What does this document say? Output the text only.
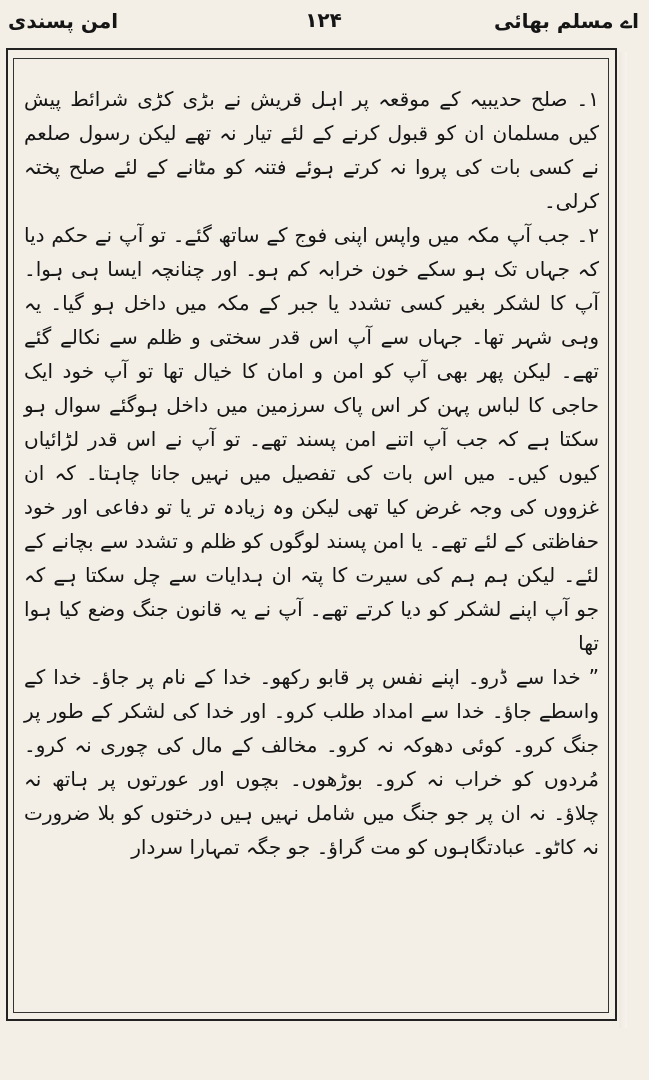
اے مسلم بھائی
۱۲۴
امن پسندی

۱۔ صلح حدیبیہ کے موقعہ پر اہل قریش نے بڑی کڑی شرائط پیش کیں مسلمان ان کو قبول کرنے کے لئے تیار نہ تھے لیکن رسول صلعم نے کسی بات کی پروا نہ کرتے ہوئے فتنہ کو مٹانے کے لئے صلح پختہ کرلی۔

۲۔ جب آپ مکہ میں واپس اپنی فوج کے ساتھ گئے۔ تو آپ نے حکم دیا کہ جہاں تک ہو سکے خون خرابہ کم ہو۔ اور چنانچہ ایسا ہی ہوا۔ آپ کا لشکر بغیر کسی تشدد یا جبر کے مکہ میں داخل ہو گیا۔ یہ وہی شہر تھا۔ جہاں سے آپ اس قدر سختی و ظلم سے نکالے گئے تھے۔ لیکن پھر بھی آپ کو امن و امان کا خیال تھا تو آپ خود ایک حاجی کا لباس پہن کر اس پاک سرزمین میں داخل ہوگئے سوال ہو سکتا ہے کہ جب آپ اتنے امن پسند تھے۔ تو آپ نے اس قدر لڑائیاں کیوں کیں۔ میں اس بات کی تفصیل میں نہیں جانا چاہتا۔ کہ ان غزووں کی وجہ غرض کیا تھی لیکن وہ زیادہ تر یا تو دفاعی اور خود حفاظتی کے لئے تھے۔ یا امن پسند لوگوں کو ظلم و تشدد سے بچانے کے لئے۔ لیکن ہم ہم کی سیرت کا پتہ ان ہدایات سے چل سکتا ہے کہ جو آپ اپنے لشکر کو دیا کرتے تھے۔ آپ نے یہ قانون جنگ وضع کیا ہوا تھا

” خدا سے ڈرو۔ اپنے نفس پر قابو رکھو۔ خدا کے نام پر جاؤ۔ خدا کے واسطے جاؤ۔ خدا سے امداد طلب کرو۔ اور خدا کی لشکر کے طور پر جنگ کرو۔ کوئی دھوکہ نہ کرو۔ مخالف کے مال کی چوری نہ کرو۔ مُردوں کو خراب نہ کرو۔ بوڑھوں۔ بچوں اور عورتوں پر ہاتھ نہ چلاؤ۔ نہ ان پر جو جنگ میں شامل نہیں ہیں درختوں کو بلا ضرورت نہ کاٹو۔ عبادتگاہوں کو مت گراؤ۔ جو جگہ تمہارا سردار
